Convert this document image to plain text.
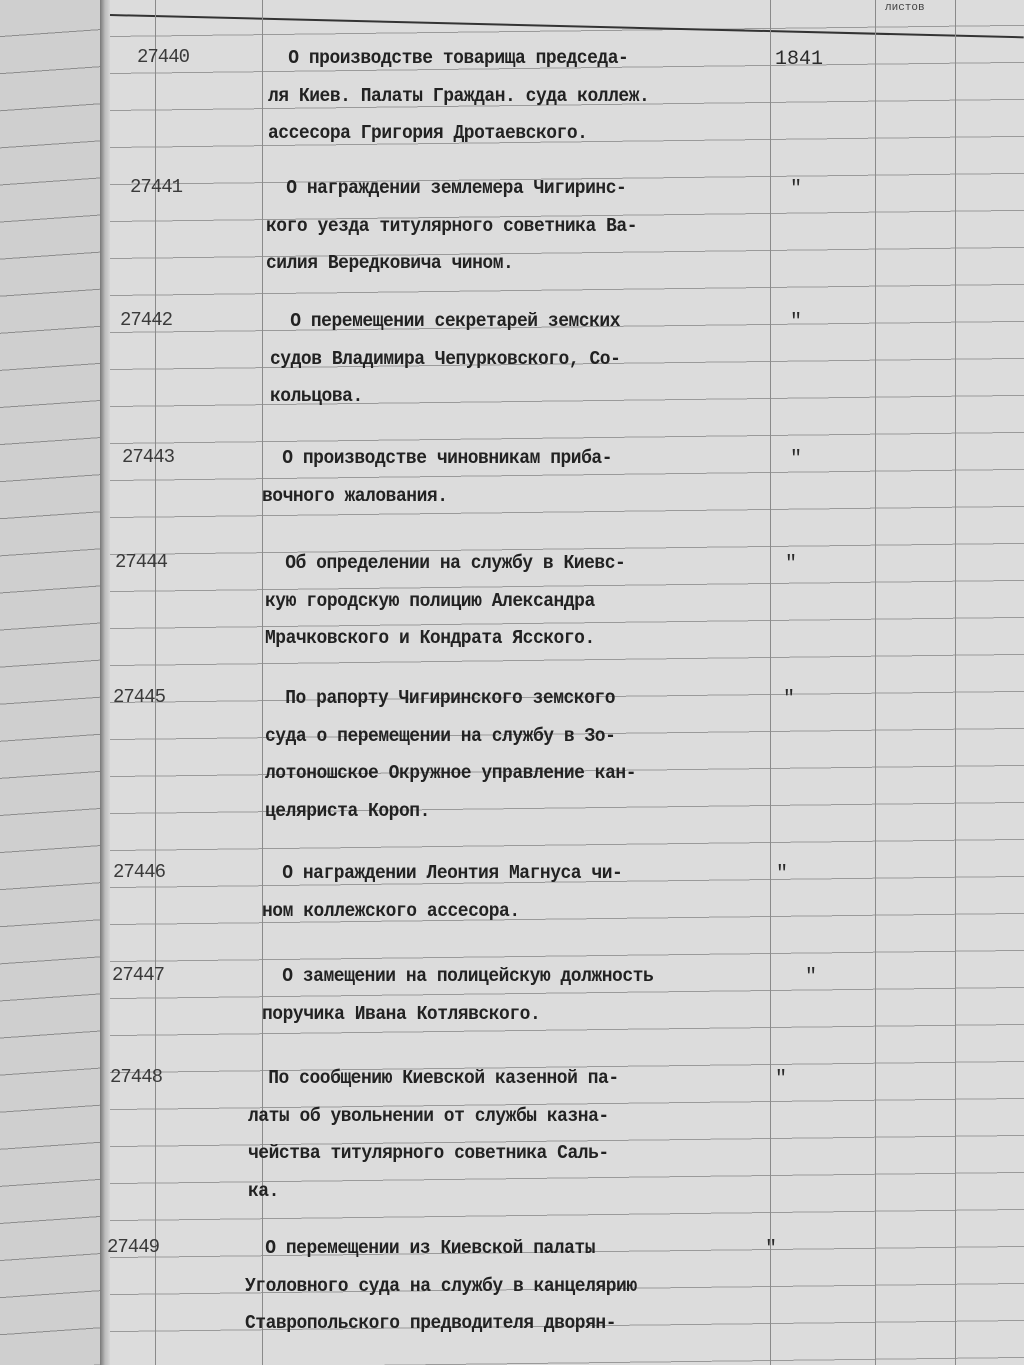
листов
27440	О производстве товарища председа-
ля Киев. Палаты Граждан. суда коллеж.
ассесора Григория Дротаевского.
1841
27441	О награждении землемера Чигиринс-
кого уезда титулярного советника Ва-
силия Вередковича чином.
″
27442	О перемещении секретарей земских
судов Владимира Чепурковского, Со-
кольцова.
″
27443	О производстве чиновникам приба-
вочного жалования.
″
27444	Об определении на службу в Киевс-
кую городскую полицию Александра
Мрачковского и Кондрата Ясского.
″
27445	По рапорту Чигиринского земского
суда о перемещении на службу в Зо-
лотоношское Окружное управление кан-
целяриста Короп.
″
27446	О награждении Леонтия Магнуса чи-
ном коллежского ассесора.
″
27447	О замещении на полицейскую должность
поручика Ивана Котлявского.
″
27448	По сообщению Киевской казенной па-
латы об увольнении от службы казна-
чейства титулярного советника Саль-
ка.
″
27449	О перемещении из Киевской палаты
Уголовного суда на службу в канцелярию
Ставропольского предводителя дворян-
″
